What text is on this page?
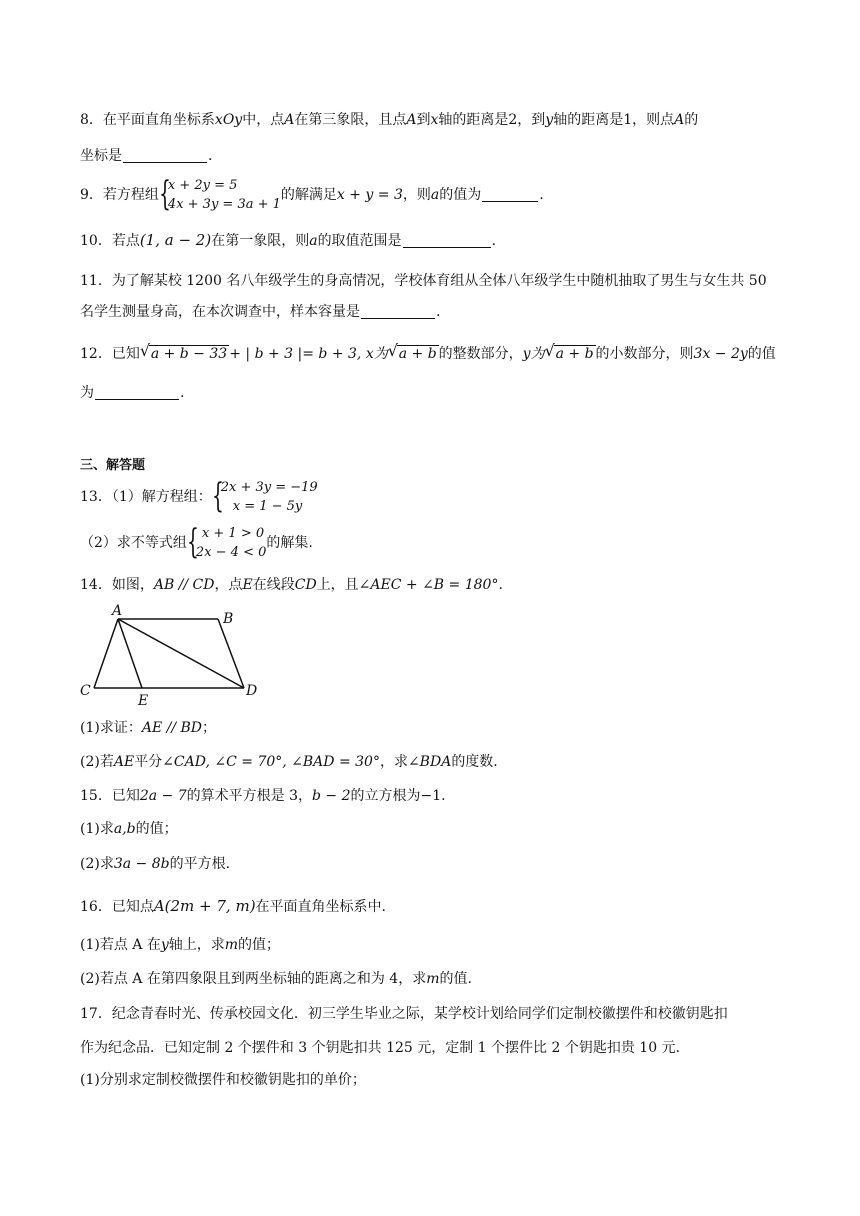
8．在平面直角坐标系xOy中，点A在第三象限，且点A到x轴的距离是2，到y轴的距离是1，则点A的
坐标是	.
9．若方程组 {
x + 2y = 5
4x + 3y = 3a + 1
的解满足x + y = 3，则a的值为	.
10．若点(1, a − 2)在第一象限，则a的取值范围是	.
11．为了解某校 1200 名八年级学生的身高情况，学校体育组从全体八年级学生中随机抽取了男生与女生共 50
名学生测量身高，在本次调查中，样本容量是	.
12．已知 √ a + b − 33 + | b + 3 |= b + 3, x为 √ a + b 的整数部分，y为 √ a + b 的小数部分，则3x − 2y的值
为	.
三、解答题
13．（1）解方程组： {
2x + 3y = −19
x = 1 − 5y
（2）求不等式组 { x + 1 > 0
2x − 4 < 0
的解集.
14．如图，AB // CD，点E在线段CD上，且∠AEC + ∠B = 180°.
A	B
C	D
E
(1)求证：AE // BD；
(2)若AE平分∠CAD, ∠C = 70°, ∠BAD = 30°，求∠BDA的度数.
15．已知2a − 7的算术平方根是 3，b − 2的立方根为−1.
(1)求a,b的值；
(2)求3a − 8b的平方根.
16．已知点A(2m + 7, m)在平面直角坐标系中.
(1)若点 A 在y轴上，求m的值；
(2)若点 A 在第四象限且到两坐标轴的距离之和为 4，求m的值.
17．纪念青春时光、传承校园文化．初三学生毕业之际，某学校计划给同学们定制校徽摆件和校徽钥匙扣
作为纪念品．已知定制 2 个摆件和 3 个钥匙扣共 125 元，定制 1 个摆件比 2 个钥匙扣贵 10 元．
(1)分别求定制校微摆件和校徽钥匙扣的单价；
